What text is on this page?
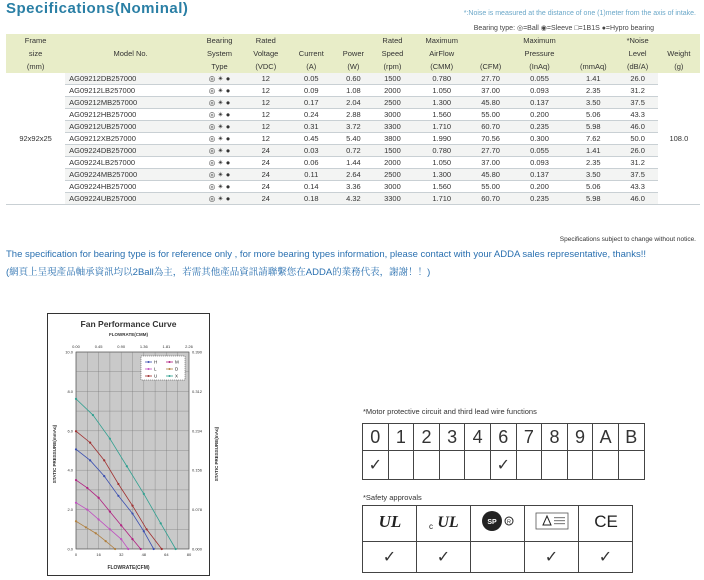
Specifications(Nominal)	*:Noise is measured at the distance of one (1)meter from the axis of intake.
Bearing type: ◎=Ball ◉=Sleeve □=1B1S ●=Hypro bearing
Frame		Bearing	Rated			Rated	Maximum		Maximum		*Noise	
size	Model No.	System	Voltage	Current	Power	Speed	AirFlow		Pressure		Level	Weight
(mm)		Type	(VDC)	(A)	(W)	(rpm)	(CMM)	(CFM)	(InAq)	(mmAq)	(dB/A)	(g)
92x92x25	AG09212DB257000	◎ ✴ ●	12	0.05	0.60	1500	0.780	27.70	0.055	1.41	26.0	108.0
	AG09212LB257000	◎ ✴ ●	12	0.09	1.08	2000	1.050	37.00	0.093	2.35	31.2	
	AG09212MB257000	◎ ✴ ●	12	0.17	2.04	2500	1.300	45.80	0.137	3.50	37.5	
	AG09212HB257000	◎ ✴ ●	12	0.24	2.88	3000	1.560	55.00	0.200	5.06	43.3	
	AG09212UB257000	◎ ✴ ●	12	0.31	3.72	3300	1.710	60.70	0.235	5.98	46.0	
	AG09212XB257000	◎ ✴ ●	12	0.45	5.40	3800	1.990	70.56	0.300	7.62	50.0	
	AG09224DB257000	◎ ✴ ●	24	0.03	0.72	1500	0.780	27.70	0.055	1.41	26.0	
	AG09224LB257000	◎ ✴ ●	24	0.06	1.44	2000	1.050	37.00	0.093	2.35	31.2	
	AG09224MB257000	◎ ✴ ●	24	0.11	2.64	2500	1.300	45.80	0.137	3.50	37.5	
	AG09224HB257000	◎ ✴ ●	24	0.14	3.36	3000	1.560	55.00	0.200	5.06	43.3	
	AG09224UB257000	◎ ✴ ●	24	0.18	4.32	3300	1.710	60.70	0.235	5.98	46.0	
Specifications subject to change without notice.
The specification for bearing type is for reference only , for more bearing types information, please contact with your ADDA sales representative, thanks!!
(網頁上呈現產品軸承資訊均以2Ball為主，若需其他產品資訊請聯繫您在ADDA的業務代表，謝謝！！)
Fan Performance Curve
FLOWRATE(CMM)
FLOWRATE(CFM)
STATIC PRESSURE(mmAq)	STATIC PRESSURE(InAq)
0	16	32	48	64	80
0.00	0.45	0.90	1.36	1.81	2.26
0.0
2.0
4.0
6.0
8.0
10.0
0.000
0.078
0.156
0.234
0.312
0.390
H	M
L	D
U	X
*Motor protective circuit and third lead wire functions
0	1	2	3	4	6	7	8	9	A	B
✓					✓					
*Safety approvals
UL	c UL	SP R		CE

✓	✓		✓	✓
